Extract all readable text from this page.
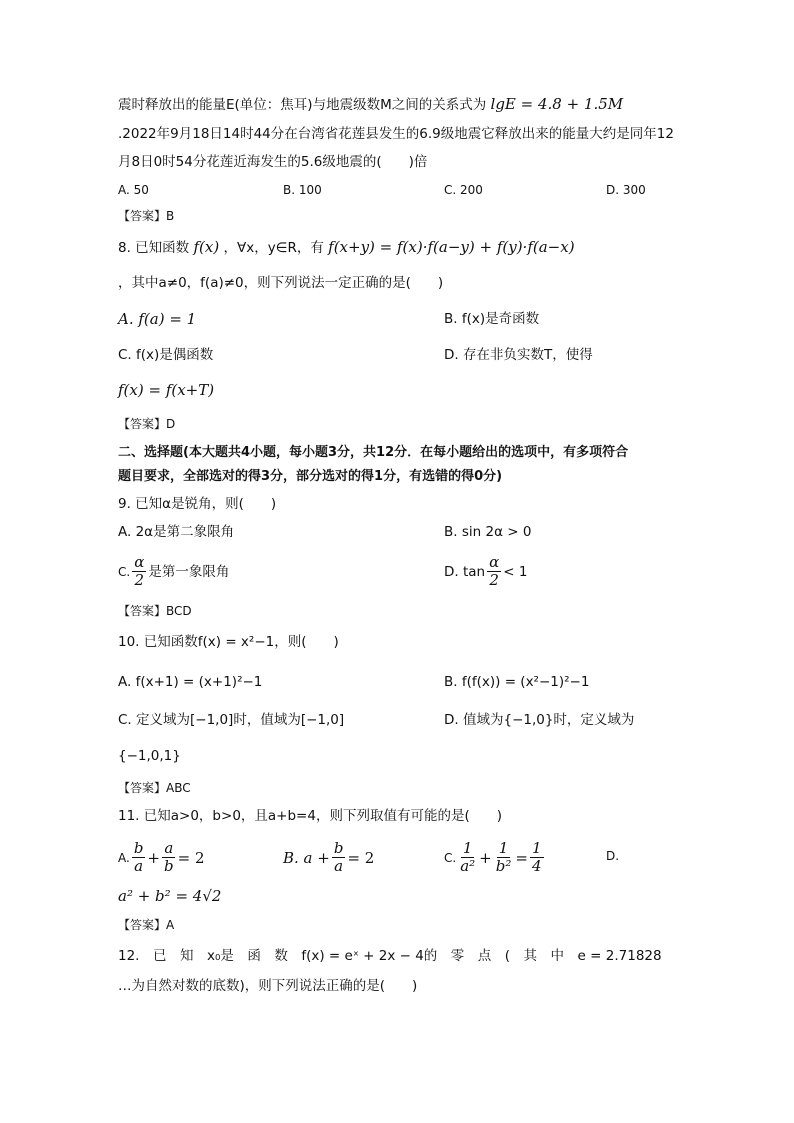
震时释放出的能量E(单位：焦耳)与地震级数M之间的关系式为 lgE = 4.8 + 1.5M
.2022年9月18日14时44分在台湾省花莲县发生的6.9级地震它释放出来的能量大约是同年12
月8日0时54分花莲近海发生的5.6级地震的(　　)倍
A. 50	B. 100	C. 200	D. 300
【答案】B
8. 已知函数 f(x) ，∀x，y∈R，有 f(x+y) = f(x)·f(a−y) + f(y)·f(a−x)
，其中a≠0，f(a)≠0，则下列说法一定正确的是(　　)
A. f(a) = 1	B. f(x)是奇函数
C. f(x)是偶函数	D. 存在非负实数T，使得
f(x) = f(x+T)
【答案】D
二、选择题(本大题共4小题，每小题3分，共12分．在每小题给出的选项中，有多项符合
题目要求，全部选对的得3分，部分选对的得1分，有选错的得0分)
9. 已知α是锐角，则(　　)
A. 2α是第二象限角	B. sin 2α > 0
C. $\frac{\alpha}{2}$ 是第一象限角	D. $\tan \frac{\alpha}{2} < 1$
【答案】BCD
10. 已知函数f(x) = x²−1，则(　　)
A. f(x+1) = (x+1)²−1	B. f(f(x)) = (x²−1)²−1
C. 定义域为[−1,0]时，值域为[−1,0]	D. 值域为{−1,0}时，定义域为
{−1,0,1}
【答案】ABC
11. 已知a>0，b>0，且a+b=4，则下列取值有可能的是(　　)
A. $\frac{b}{a} + \frac{a}{b} = 2$	B. $a + \frac{b}{a} = 2$	C. $\frac{1}{\text{a²}} + \frac{1}{\text{b²}} = \frac{1}{4}$	D.
a² + b² = 4√2
【答案】A
12.　已　知　x₀是　函　数　f(x) = eˣ + 2x − 4的　零　点　(　其　中　e = 2.71828
…为自然对数的底数)，则下列说法正确的是(　　)
